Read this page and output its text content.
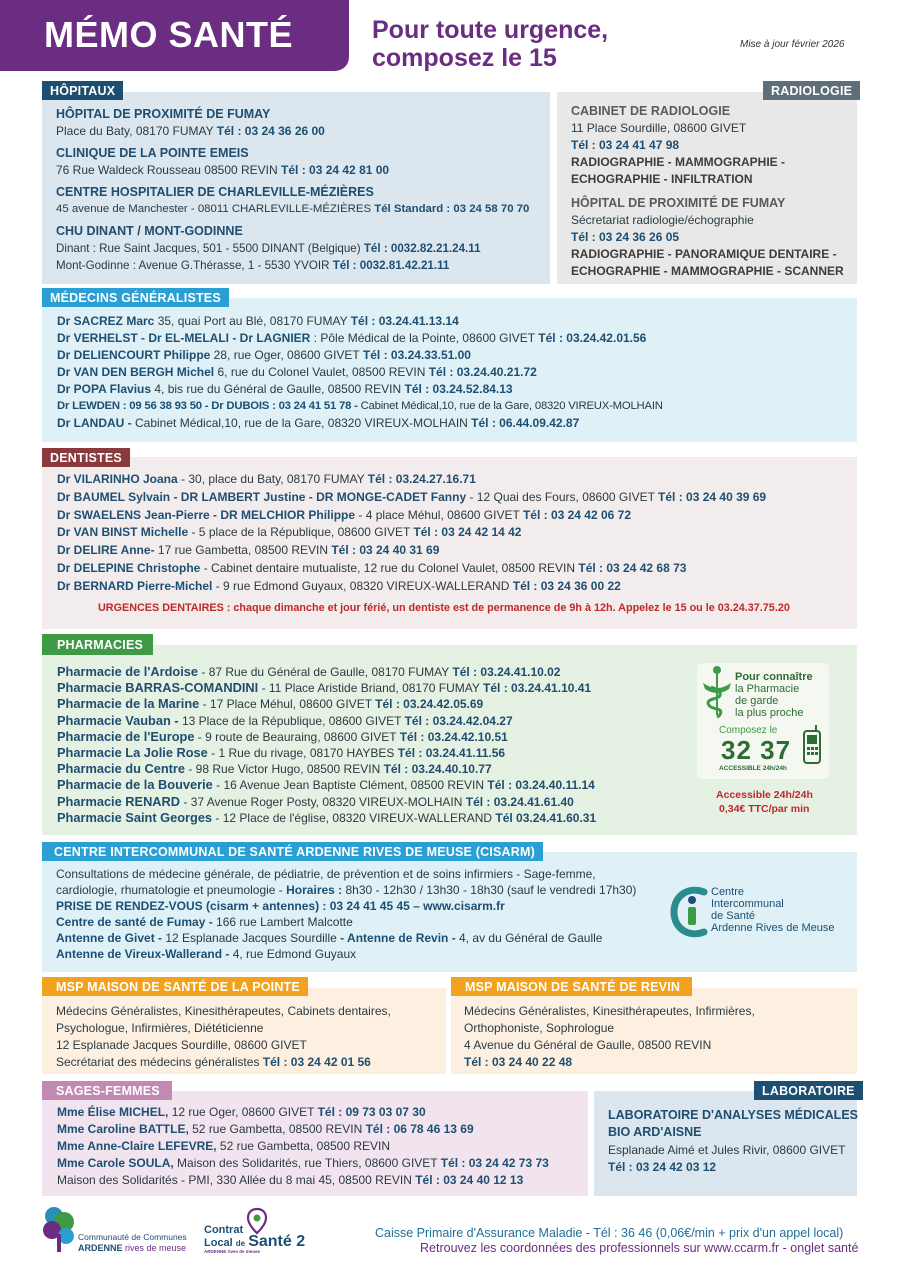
MÉMO SANTÉ	Pour toute urgence,
composez le 15	Mise à jour février 2026
HÔPITAUX
HÔPITAL DE PROXIMITÉ DE FUMAY
Place du Baty, 08170 FUMAY Tél : 03 24 36 26 00
CLINIQUE DE LA POINTE EMEIS
76 Rue Waldeck Rousseau 08500 REVIN Tél : 03 24 42 81 00
CENTRE HOSPITALIER DE CHARLEVILLE-MÉZIÈRES
45 avenue de Manchester - 08011 CHARLEVILLE-MÉZIÈRES Tél Standard : 03 24 58 70 70
CHU DINANT / MONT-GODINNE
Dinant : Rue Saint Jacques, 501 - 5500 DINANT (Belgique) Tél : 0032.82.21.24.11
Mont-Godinne : Avenue G.Thérasse, 1 - 5530 YVOIR Tél : 0032.81.42.21.11
RADIOLOGIE
CABINET DE RADIOLOGIE
11 Place Sourdille, 08600 GIVET
Tél : 03 24 41 47 98
RADIOGRAPHIE - MAMMOGRAPHIE -
ECHOGRAPHIE - INFILTRATION
HÔPITAL DE PROXIMITÉ DE FUMAY
Sécretariat radiologie/échographie
Tél : 03 24 36 26 05
RADIOGRAPHIE - PANORAMIQUE DENTAIRE -
ECHOGRAPHIE - MAMMOGRAPHIE - SCANNER
MÉDECINS GÉNÉRALISTES
Dr SACREZ Marc 35, quai Port au Blé, 08170 FUMAY Tél : 03.24.41.13.14
Dr VERHELST - Dr EL-MELALI - Dr LAGNIER : Pôle Médical de la Pointe, 08600 GIVET Tél : 03.24.42.01.56
Dr DELIENCOURT Philippe 28, rue Oger, 08600 GIVET Tél : 03.24.33.51.00
Dr VAN DEN BERGH Michel 6, rue du Colonel Vaulet, 08500 REVIN Tél : 03.24.40.21.72
Dr POPA Flavius 4, bis rue du Général de Gaulle, 08500 REVIN Tél : 03.24.52.84.13
Dr LEWDEN : 09 56 38 93 50 - Dr DUBOIS : 03 24 41 51 78 - Cabinet Médical,10, rue de la Gare, 08320 VIREUX-MOLHAIN
Dr LANDAU - Cabinet Médical,10, rue de la Gare, 08320 VIREUX-MOLHAIN Tél : 06.44.09.42.87
DENTISTES
Dr VILARINHO Joana - 30, place du Baty, 08170 FUMAY Tél : 03.24.27.16.71
Dr BAUMEL Sylvain - DR LAMBERT Justine - DR MONGE-CADET Fanny - 12 Quai des Fours, 08600 GIVET Tél : 03 24 40 39 69
Dr SWAELENS Jean-Pierre - DR MELCHIOR Philippe - 4 place Méhul, 08600 GIVET Tél : 03 24 42 06 72
Dr VAN BINST Michelle - 5 place de la République, 08600 GIVET Tél : 03 24 42 14 42
Dr DELIRE Anne- 17 rue Gambetta, 08500 REVIN Tél : 03 24 40 31 69
Dr DELEPINE Christophe - Cabinet dentaire mutualiste, 12 rue du Colonel Vaulet, 08500 REVIN Tél : 03 24 42 68 73
Dr BERNARD Pierre-Michel - 9 rue Edmond Guyaux, 08320 VIREUX-WALLERAND Tél : 03 24 36 00 22
URGENCES DENTAIRES : chaque dimanche et jour férié, un dentiste est de permanence de 9h à 12h. Appelez le 15 ou le 03.24.37.75.20
PHARMACIES
Pharmacie de l'Ardoise - 87 Rue du Général de Gaulle, 08170 FUMAY Tél : 03.24.41.10.02
Pharmacie BARRAS-COMANDINI - 11 Place Aristide Briand, 08170 FUMAY Tél : 03.24.41.10.41
Pharmacie de la Marine - 17 Place Méhul, 08600 GIVET Tél : 03.24.42.05.69
Pharmacie Vauban - 13 Place de la République, 08600 GIVET Tél : 03.24.42.04.27
Pharmacie de l'Europe - 9 route de Beauraing, 08600 GIVET Tél : 03.24.42.10.51
Pharmacie La Jolie Rose - 1 Rue du rivage, 08170 HAYBES Tél : 03.24.41.11.56
Pharmacie du Centre - 98 Rue Victor Hugo, 08500 REVIN Tél : 03.24.40.10.77
Pharmacie de la Bouverie - 16 Avenue Jean Baptiste Clément, 08500 REVIN Tél : 03.24.40.11.14
Pharmacie RENARD - 37 Avenue Roger Posty, 08320 VIREUX-MOLHAIN Tél : 03.24.41.61.40
Pharmacie Saint Georges - 12 Place de l'église, 08320 VIREUX-WALLERAND Tél 03.24.41.60.31
Pour connaître
la Pharmacie
de garde
la plus proche
Composez le
32 37
ACCESSIBLE 24h/24h
Accessible 24h/24h
0,34€ TTC/par min
CENTRE INTERCOMMUNAL DE SANTÉ ARDENNE RIVES DE MEUSE (CISARM)
Consultations de médecine générale, de pédiatrie, de prévention et de soins infirmiers - Sage-femme,
cardiologie, rhumatologie et pneumologie - Horaires : 8h30 - 12h30 / 13h30 - 18h30 (sauf le vendredi 17h30)
PRISE DE RENDEZ-VOUS (cisarm + antennes) : 03 24 41 45 45 – www.cisarm.fr
Centre de santé de Fumay - 166 rue Lambert Malcotte
Antenne de Givet - 12 Esplanade Jacques Sourdille - Antenne de Revin - 4, av du Général de Gaulle
Antenne de Vireux-Wallerand - 4, rue Edmond Guyaux
Centre
Intercommunal
de Santé
Ardenne Rives de Meuse
MSP MAISON DE SANTÉ DE LA POINTE
Médecins Généralistes, Kinesithérapeutes, Cabinets dentaires,
Psychologue, Infirmières, Diététicienne
12 Esplanade Jacques Sourdille, 08600 GIVET
Secrétariat des médecins généralistes Tél : 03 24 42 01 56
MSP MAISON DE SANTÉ DE REVIN
Médecins Généralistes, Kinesithérapeutes, Infirmières,
Orthophoniste, Sophrologue
4 Avenue du Général de Gaulle, 08500 REVIN
Tél : 03 24 40 22 48
SAGES-FEMMES
Mme Élise MICHEL, 12 rue Oger, 08600 GIVET Tél : 09 73 03 07 30
Mme Caroline BATTLE, 52 rue Gambetta, 08500 REVIN Tél : 06 78 46 13 69
Mme Anne-Claire LEFEVRE, 52 rue Gambetta, 08500 REVIN
Mme Carole SOULA, Maison des Solidarités, rue Thiers, 08600 GIVET Tél : 03 24 42 73 73
Maison des Solidarités - PMI, 330 Allée du 8 mai 45, 08500 REVIN Tél : 03 24 40 12 13
LABORATOIRE
LABORATOIRE D'ANALYSES MÉDICALES
BIO ARD'AISNE
Esplanade Aimé et Jules Rivir, 08600 GIVET
Tél : 03 24 42 03 12
Communauté de Communes
ARDENNE rives de meuse
Contrat
Local de Santé 2
ARDENNE rives de meuse
Caisse Primaire d'Assurance Maladie - Tél : 36 46 (0,06€/min + prix d'un appel local)
Retrouvez les coordonnées des professionnels sur www.ccarm.fr - onglet santé
